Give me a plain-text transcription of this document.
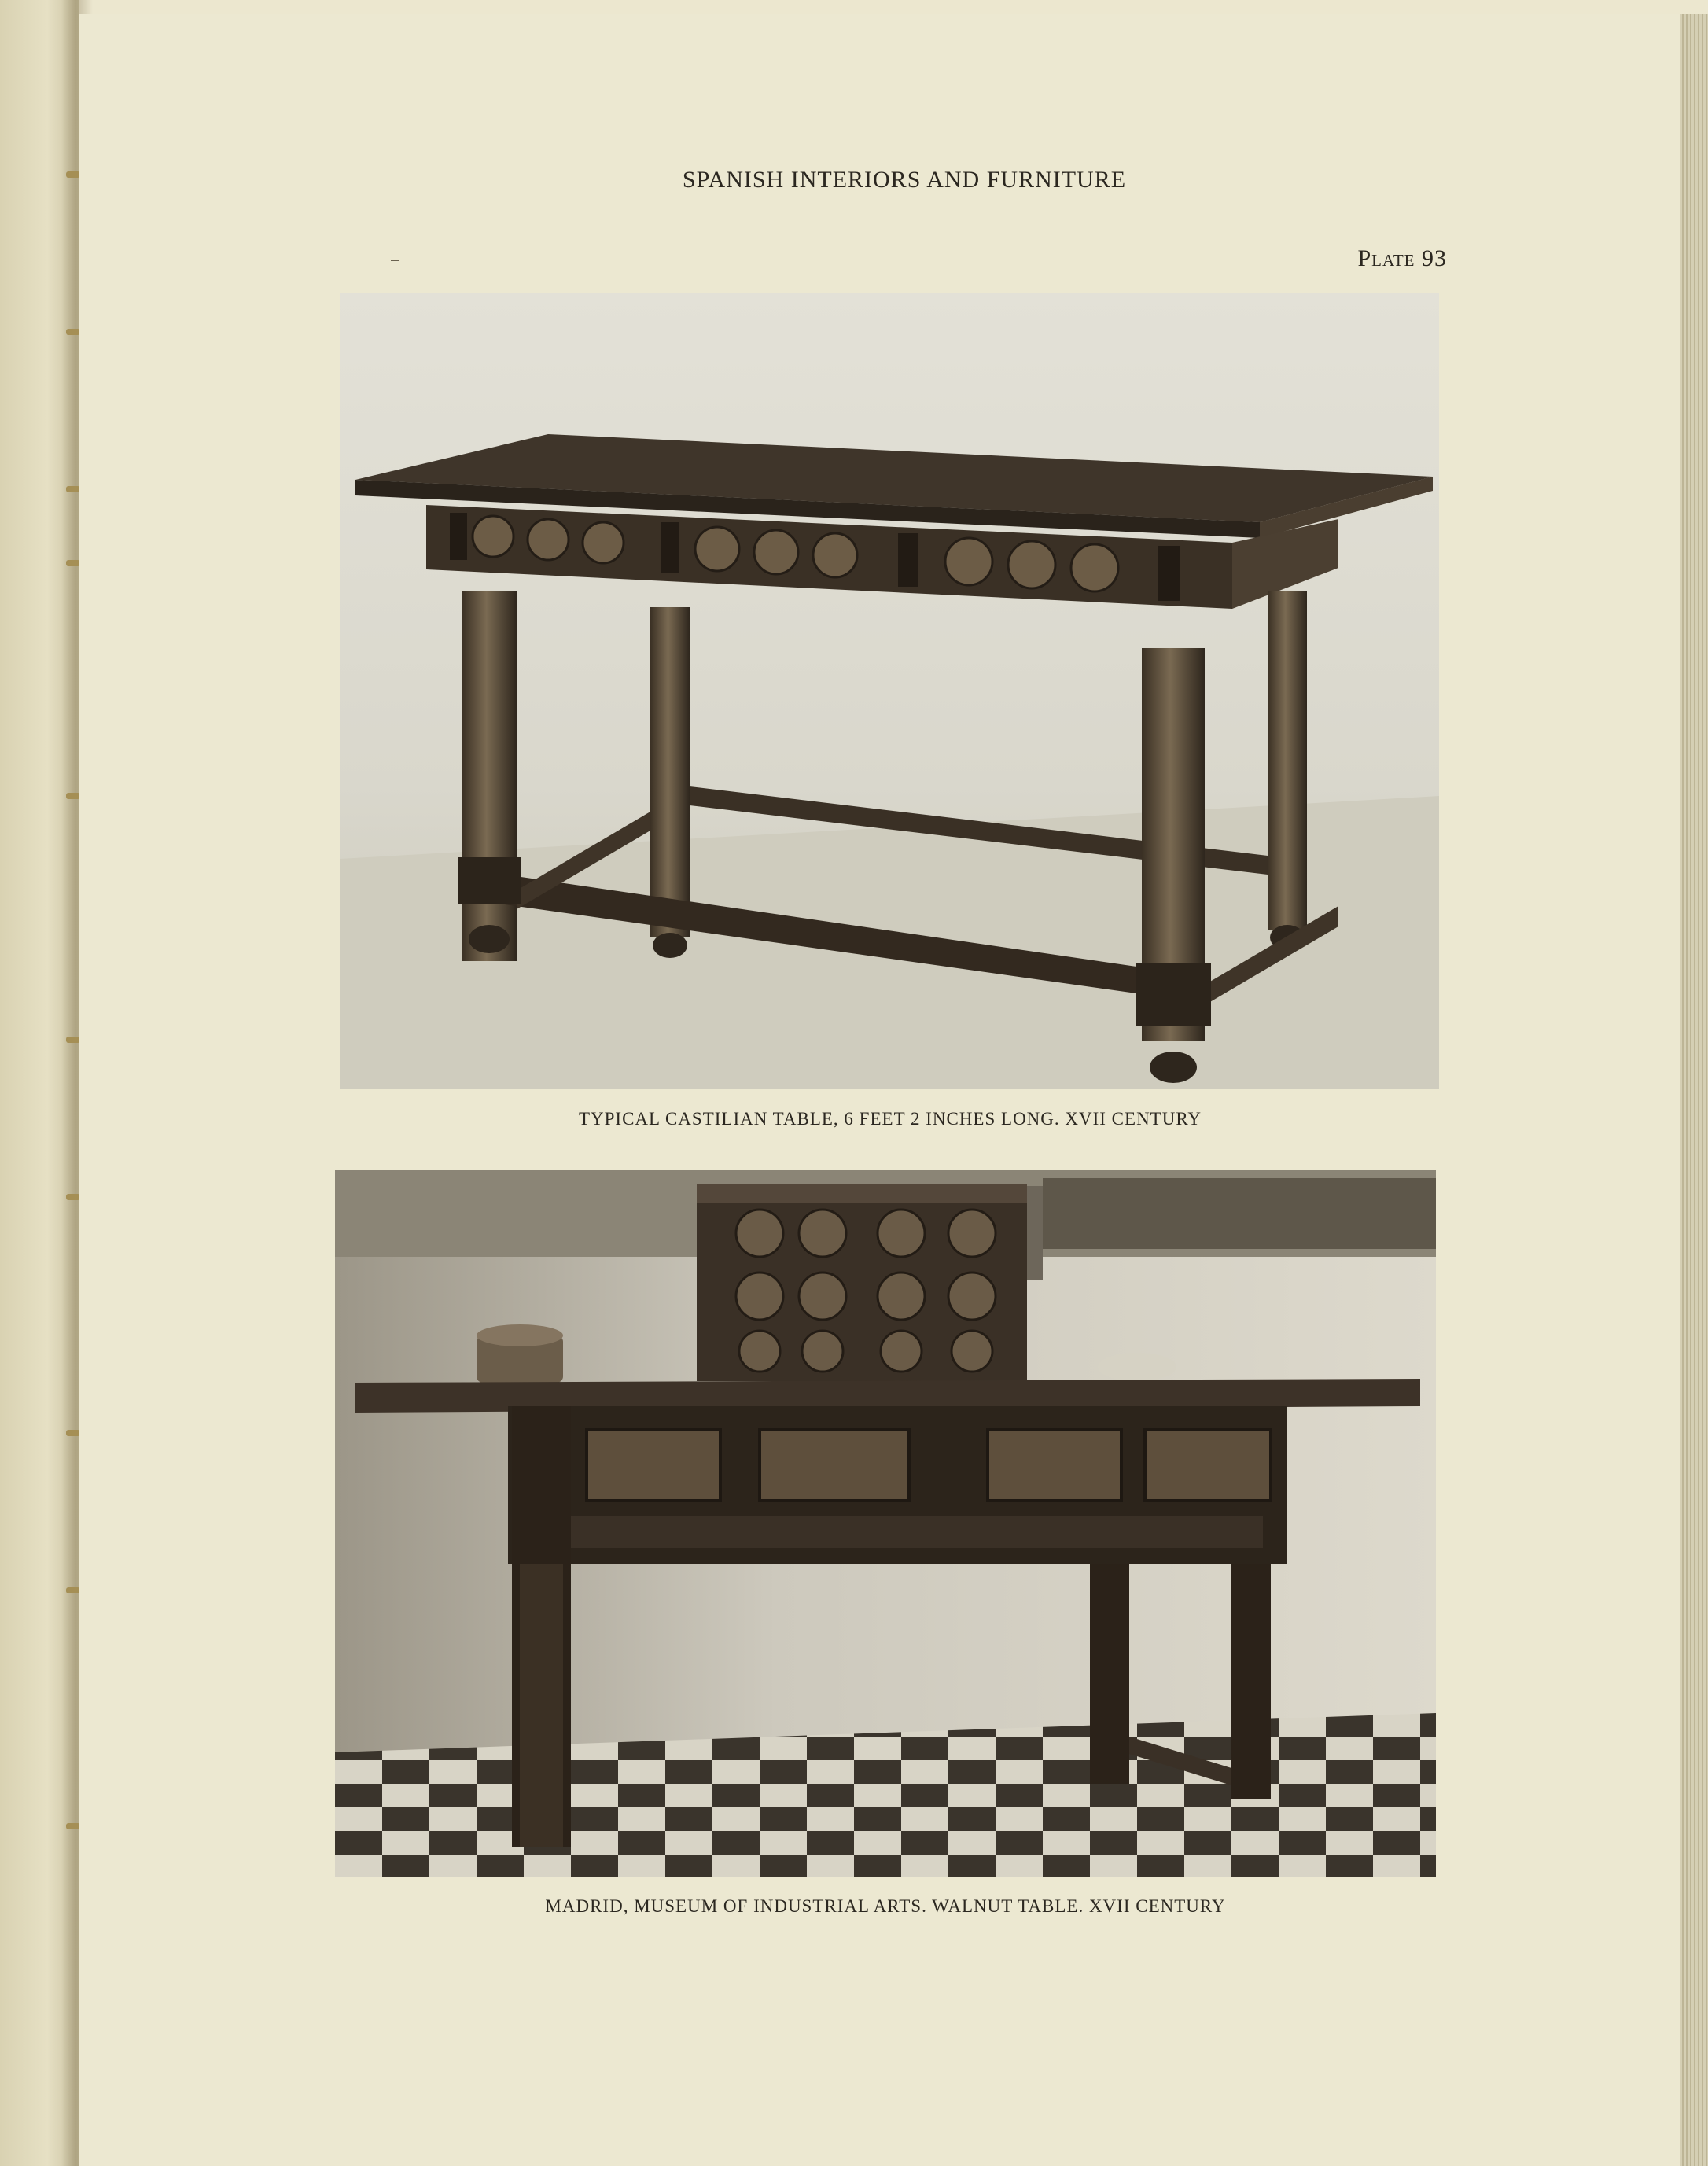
SPANISH INTERIORS AND FURNITURE
Plate 93
TYPICAL CASTILIAN TABLE, 6 FEET 2 INCHES LONG. XVII CENTURY
MADRID, MUSEUM OF INDUSTRIAL ARTS. WALNUT TABLE. XVII CENTURY
